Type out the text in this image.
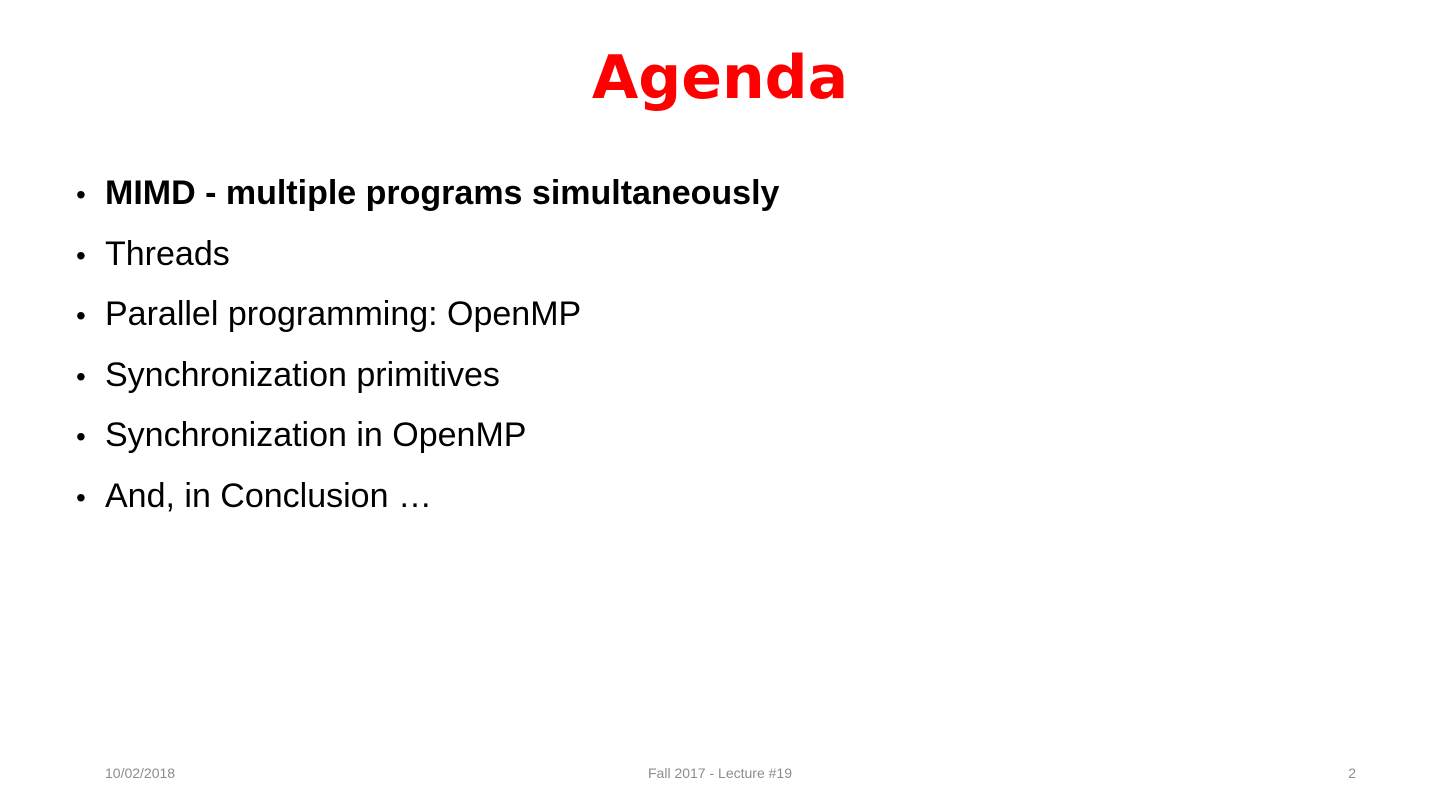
Agenda
• MIMD - multiple programs simultaneously
• Threads
• Parallel programming: OpenMP
• Synchronization primitives
• Synchronization in OpenMP
• And, in Conclusion …
10/02/2018	Fall 2017 - Lecture #19	2
